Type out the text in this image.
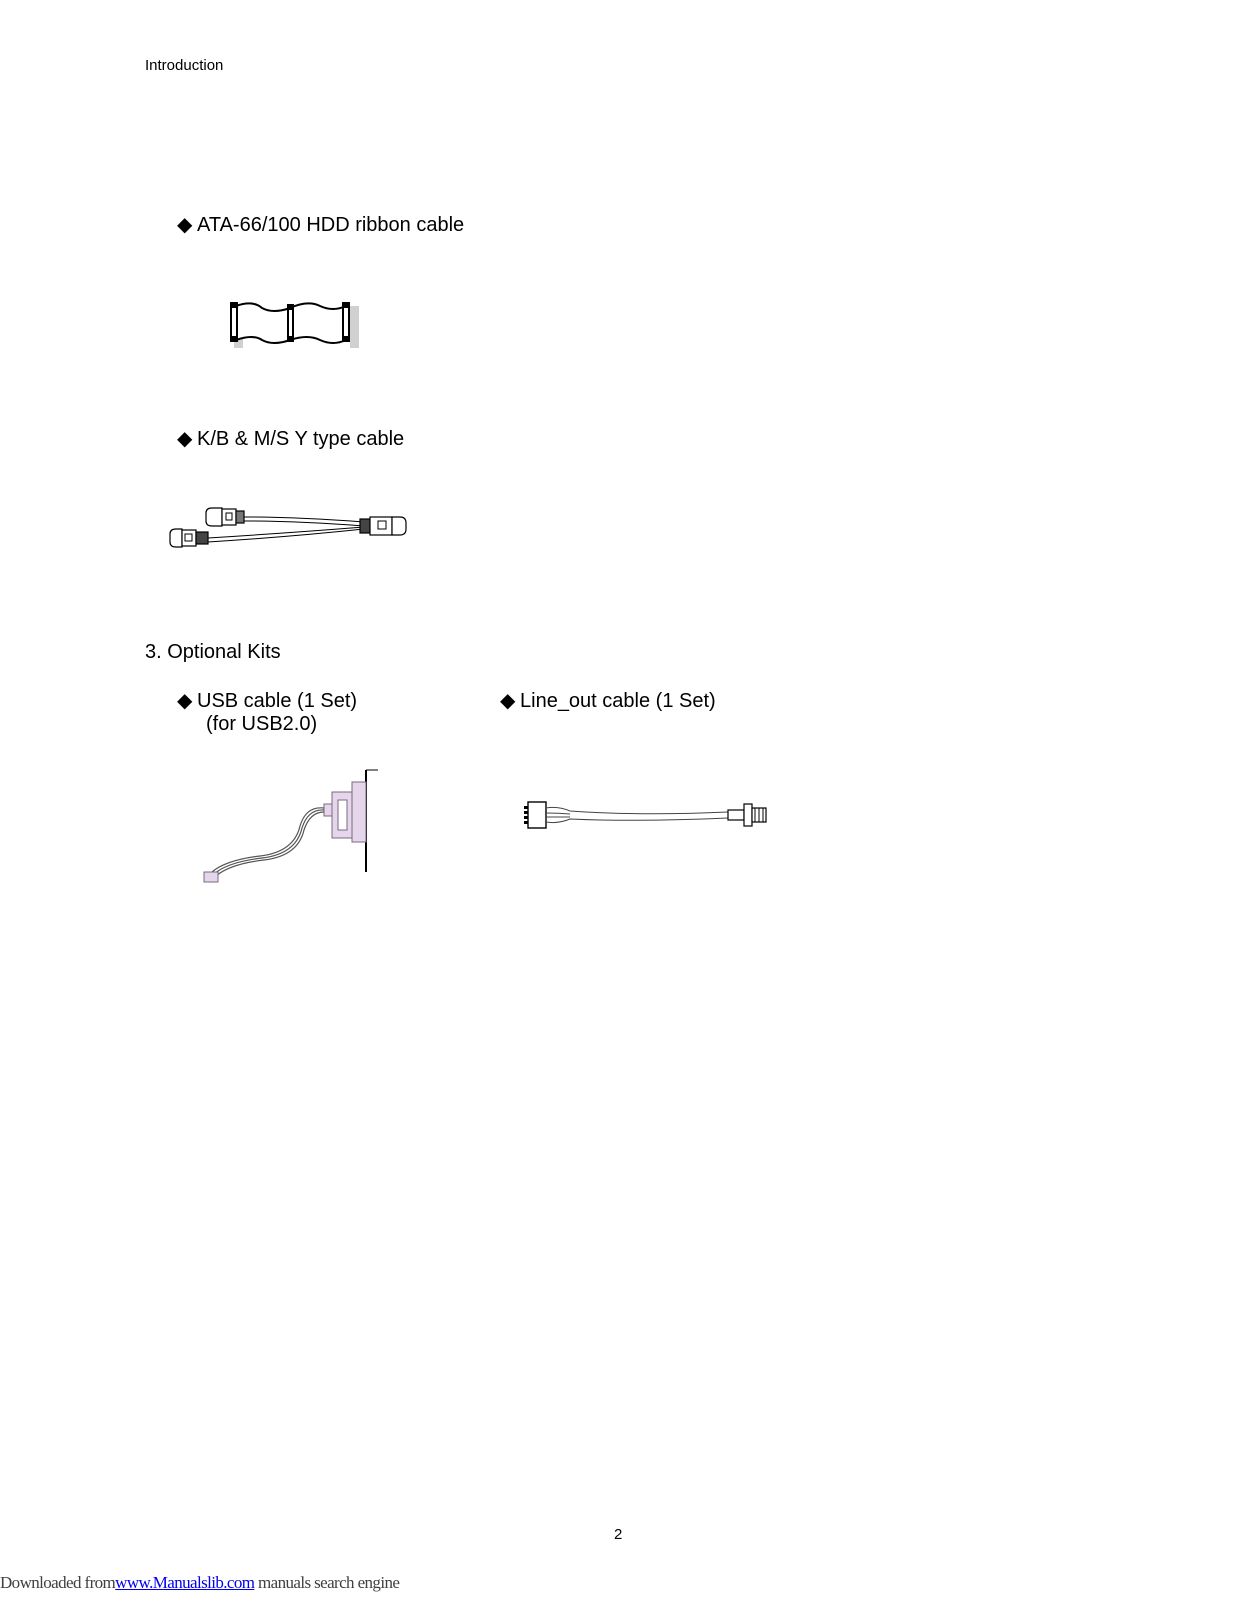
Introduction
◆ ATA-66/100 HDD ribbon cable
◆ K/B & M/S Y type cable
3. Optional Kits
◆ USB cable (1 Set)
(for USB2.0)
◆ Line_out cable (1 Set)
2
Downloaded fromwww.Manualslib.com manuals search engine
